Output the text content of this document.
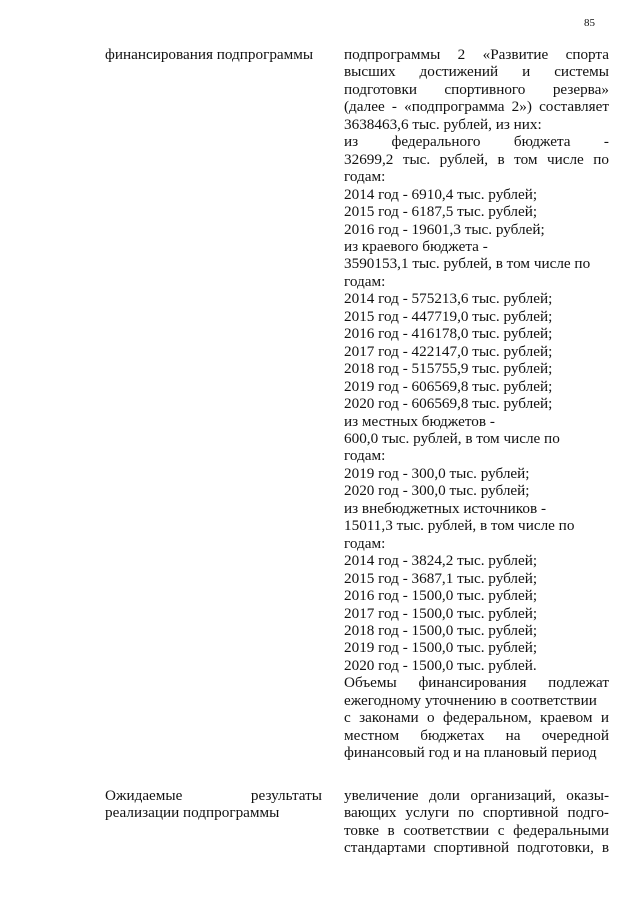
85
финансирования подпрограммы	подпрограммы 2 «Развитие спорта
высших достижений и системы
подготовки спортивного резерва»
(далее - «подпрограмма 2») составляет
3638463,6 тыс. рублей, из них:
из федерального бюджета -
32699,2 тыс. рублей, в том числе по
годам:
2014 год - 6910,4 тыс. рублей;
2015 год - 6187,5 тыс. рублей;
2016 год - 19601,3 тыс. рублей;
из краевого бюджета -
3590153,1 тыс. рублей, в том числе по
годам:
2014 год - 575213,6 тыс. рублей;
2015 год - 447719,0 тыс. рублей;
2016 год - 416178,0 тыс. рублей;
2017 год - 422147,0 тыс. рублей;
2018 год - 515755,9 тыс. рублей;
2019 год - 606569,8 тыс. рублей;
2020 год - 606569,8 тыс. рублей;
из местных бюджетов -
600,0 тыс. рублей, в том числе по
годам:
2019 год - 300,0 тыс. рублей;
2020 год - 300,0 тыс. рублей;
из внебюджетных источников -
15011,3 тыс. рублей, в том числе по
годам:
2014 год - 3824,2 тыс. рублей;
2015 год - 3687,1 тыс. рублей;
2016 год - 1500,0 тыс. рублей;
2017 год - 1500,0 тыс. рублей;
2018 год - 1500,0 тыс. рублей;
2019 год - 1500,0 тыс. рублей;
2020 год - 1500,0 тыс. рублей.
Объемы финансирования подлежат
ежегодному уточнению в соответствии
с законами о федеральном, краевом и
местном бюджетах на очередной
финансовый год и на плановый период
Ожидаемые результаты
реализации подпрограммы
увеличение доли организаций, оказы-
вающих услуги по спортивной подго-
товке в соответствии с федеральными
стандартами спортивной подготовки, в
